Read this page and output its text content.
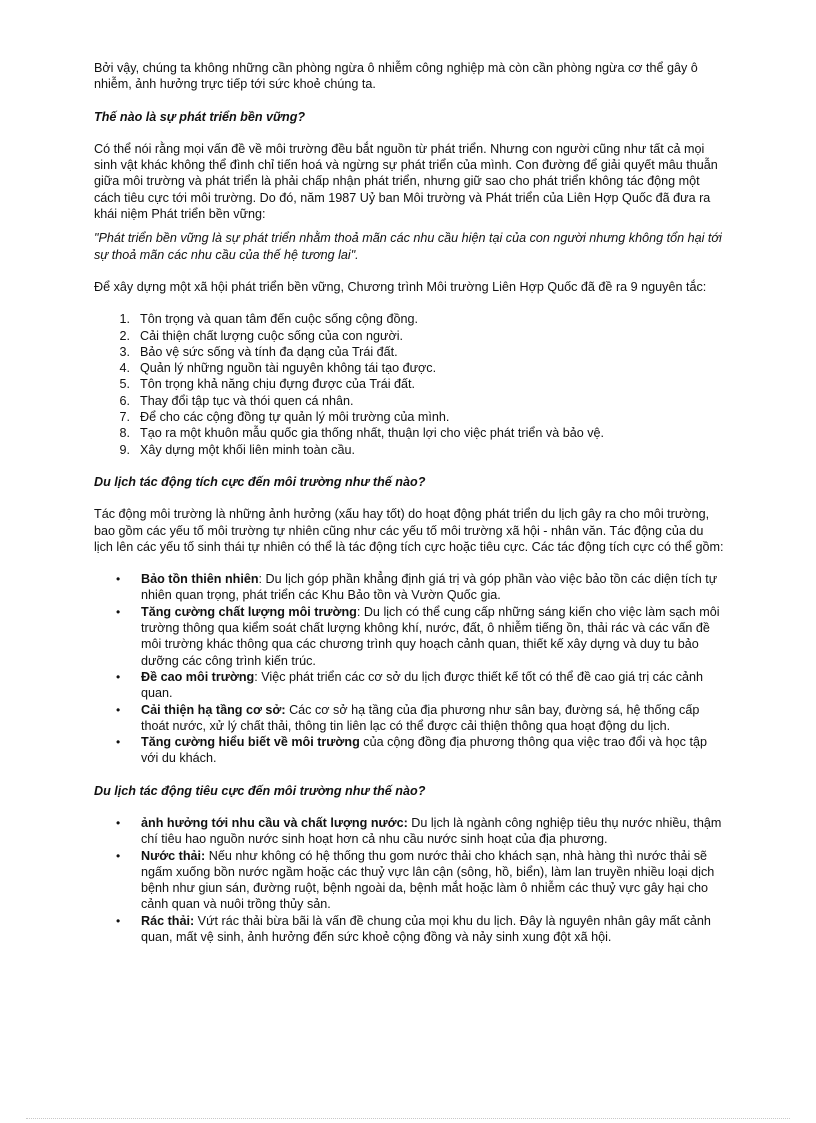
Bởi vậy, chúng ta không những cần phòng ngừa ô nhiễm công nghiệp mà còn cần phòng ngừa cơ thể gây ô nhiễm, ảnh hưởng trực tiếp tới sức khoẻ chúng ta.

Thế nào là sự phát triển bền vững?

Có thể nói rằng mọi vấn đề về môi trường đều bắt nguồn từ phát triển. Nhưng con người cũng như tất cả mọi sinh vật khác không thể đình chỉ tiến hoá và ngừng sự phát triển của mình. Con đường để giải quyết mâu thuẫn giữa môi trường và phát triển là phải chấp nhận phát triển, nhưng giữ sao cho phát triển không tác động một cách tiêu cực tới môi trường. Do đó, năm 1987 Uỷ ban Môi trường và Phát triển của Liên Hợp Quốc đã đưa ra khái niệm Phát triển bền vững:

"Phát triển bền vững là sự phát triển nhằm thoả mãn các nhu cầu hiện tại của con người nhưng không tổn hại tới sự thoả mãn các nhu cầu của thế hệ tương lai".

Để xây dựng một xã hội phát triển bền vững, Chương trình Môi trường Liên Hợp Quốc đã đề ra 9 nguyên tắc:

1. Tôn trọng và quan tâm đến cuộc sống cộng đồng.
2. Cải thiện chất lượng cuộc sống của con người.
3. Bảo vệ sức sống và tính đa dạng của Trái đất.
4. Quản lý những nguồn tài nguyên không tái tạo được.
5. Tôn trọng khả năng chịu đựng được của Trái đất.
6. Thay đổi tập tục và thói quen cá nhân.
7. Để cho các cộng đồng tự quản lý môi trường của mình.
8. Tạo ra một khuôn mẫu quốc gia thống nhất, thuận lợi cho việc phát triển và bảo vệ.
9. Xây dựng một khối liên minh toàn cầu.

Du lịch tác động tích cực đến môi trường như thế nào?

Tác động môi trường là những ảnh hưởng (xấu hay tốt) do hoạt động phát triển du lịch gây ra cho môi trường, bao gồm các yếu tố môi trường tự nhiên cũng như các yếu tố môi trường xã hội - nhân văn. Tác động của du lịch lên các yếu tố sinh thái tự nhiên có thể là tác động tích cực hoặc tiêu cực. Các tác động tích cực có thể gồm:

• Bảo tồn thiên nhiên: Du lịch góp phần khẳng định giá trị và góp phần vào việc bảo tồn các diện tích tự nhiên quan trọng, phát triển các Khu Bảo tồn và Vườn Quốc gia.
• Tăng cường chất lượng môi trường: Du lịch có thể cung cấp những sáng kiến cho việc làm sạch môi trường thông qua kiểm soát chất lượng không khí, nước, đất, ô nhiễm tiếng ồn, thải rác và các vấn đề môi trường khác thông qua các chương trình quy hoạch cảnh quan, thiết kế xây dựng và duy tu bảo dưỡng các công trình kiến trúc.
• Đề cao môi trường: Việc phát triển các cơ sở du lịch được thiết kế tốt có thể đề cao giá trị các cảnh quan.
• Cải thiện hạ tầng cơ sở: Các cơ sở hạ tầng của địa phương như sân bay, đường sá, hệ thống cấp thoát nước, xử lý chất thải, thông tin liên lạc có thể được cải thiện thông qua hoạt động du lịch.
• Tăng cường hiểu biết về môi trường của cộng đồng địa phương thông qua việc trao đổi và học tập với du khách.

Du lịch tác động tiêu cực đến môi trường như thế nào?

• ảnh hưởng tới nhu cầu và chất lượng nước: Du lịch là ngành công nghiệp tiêu thụ nước nhiều, thậm chí tiêu hao nguồn nước sinh hoạt hơn cả nhu cầu nước sinh hoạt của địa phương.
• Nước thải: Nếu như không có hệ thống thu gom nước thải cho khách sạn, nhà hàng thì nước thải sẽ ngấm xuống bồn nước ngầm hoặc các thuỷ vực lân cận (sông, hồ, biển), làm lan truyền nhiều loại dịch bệnh như giun sán, đường ruột, bệnh ngoài da, bệnh mắt hoặc làm ô nhiễm các thuỷ vực gây hại cho cảnh quan và nuôi trồng thủy sản.
• Rác thải: Vứt rác thải bừa bãi là vấn đề chung của mọi khu du lịch. Đây là nguyên nhân gây mất cảnh quan, mất vệ sinh, ảnh hưởng đến sức khoẻ cộng đồng và nảy sinh xung đột xã hội.
